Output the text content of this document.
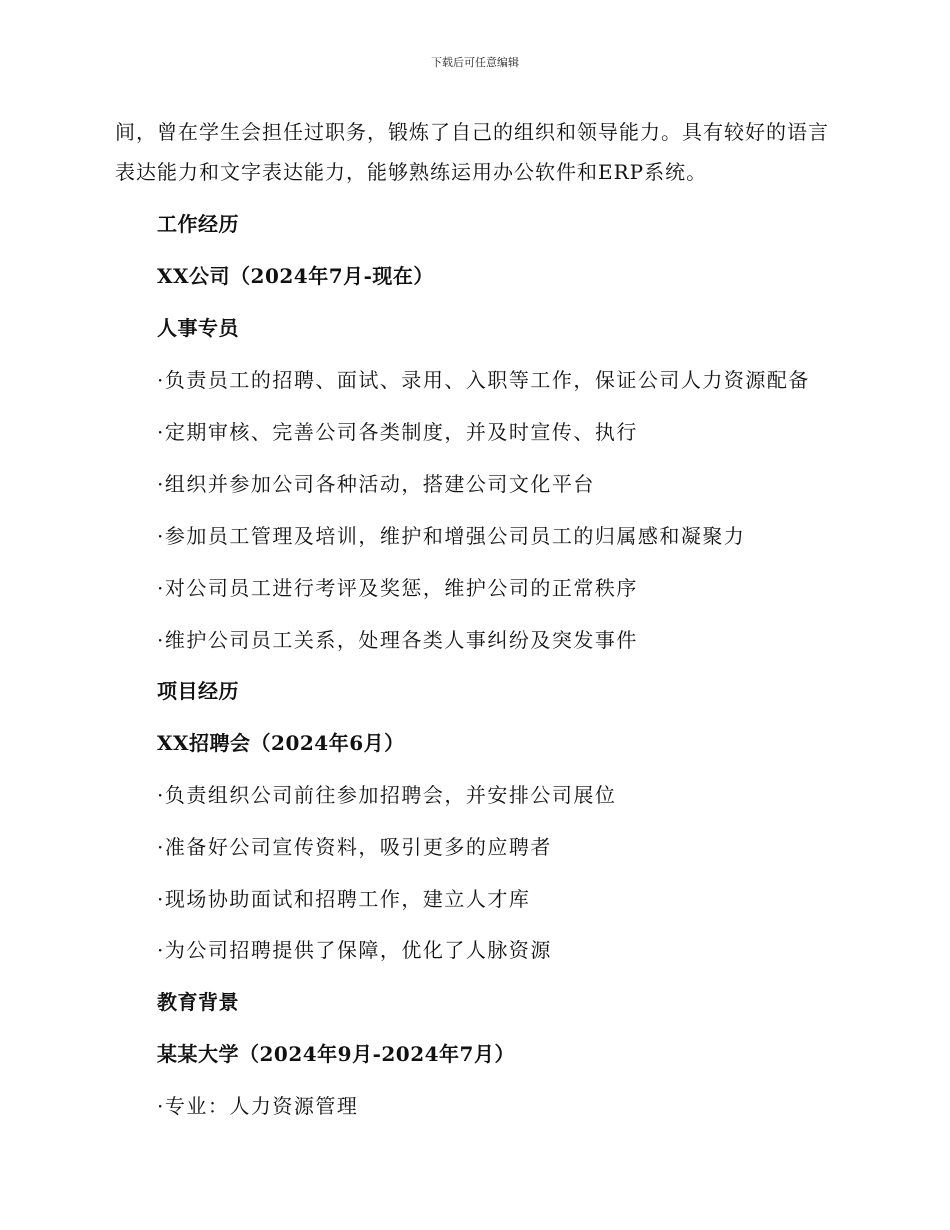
下载后可任意编辑
间，曾在学生会担任过职务，锻炼了自己的组织和领导能力。具有较好的语言表达能力和文字表达能力，能够熟练运用办公软件和ERP系统。
工作经历
XX公司（2024年7月-现在）
人事专员
·负责员工的招聘、面试、录用、入职等工作，保证公司人力资源配备
·定期审核、完善公司各类制度，并及时宣传、执行
·组织并参加公司各种活动，搭建公司文化平台
·参加员工管理及培训，维护和增强公司员工的归属感和凝聚力
·对公司员工进行考评及奖惩，维护公司的正常秩序
·维护公司员工关系，处理各类人事纠纷及突发事件
项目经历
XX招聘会（2024年6月）
·负责组织公司前往参加招聘会，并安排公司展位
·准备好公司宣传资料，吸引更多的应聘者
·现场协助面试和招聘工作，建立人才库
·为公司招聘提供了保障，优化了人脉资源
教育背景
某某大学（2024年9月-2024年7月）
·专业：人力资源管理
